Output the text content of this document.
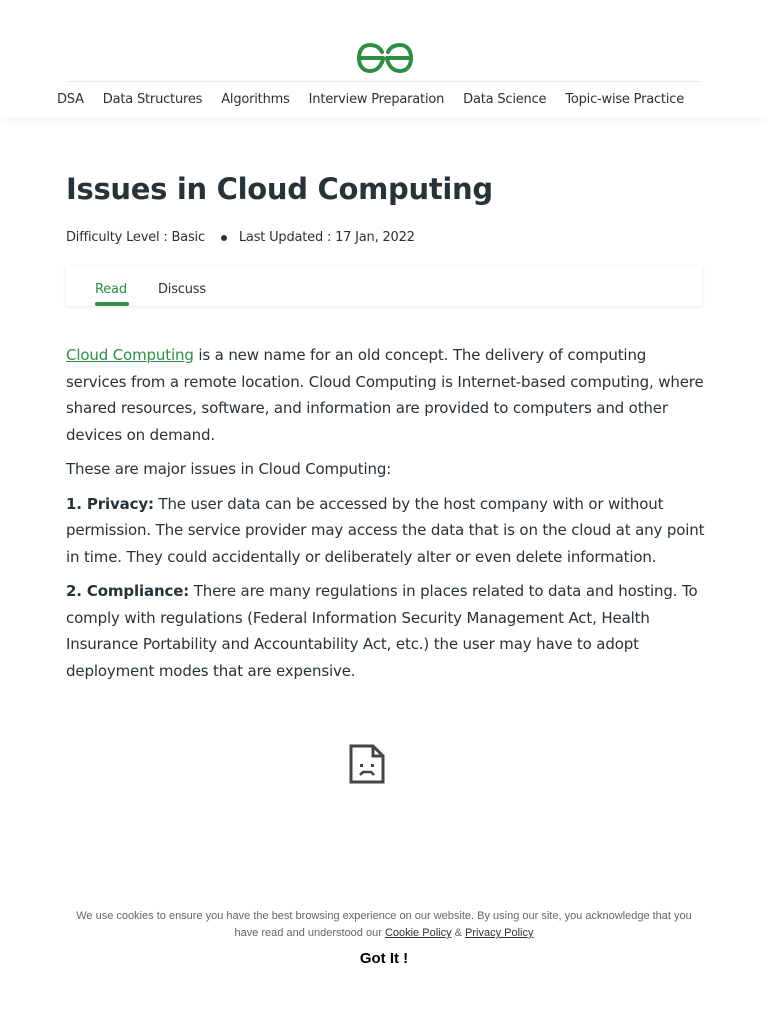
DSA Data Structures Algorithms Interview Preparation Data Science Topic-wise Practice
Issues in Cloud Computing
Difficulty Level : Basic	Last Updated : 17 Jan, 2022
Read Discuss

Cloud Computing is a new name for an old concept. The delivery of computing services from a remote location. Cloud Computing is Internet-based computing, where shared resources, software, and information are provided to computers and other devices on demand.

These are major issues in Cloud Computing:

1. Privacy: The user data can be accessed by the host company with or without permission. The service provider may access the data that is on the cloud at any point in time. They could accidentally or deliberately alter or even delete information.

2. Compliance: There are many regulations in places related to data and hosting. To comply with regulations (Federal Information Security Management Act, Health Insurance Portability and Accountability Act, etc.) the user may have to adopt deployment modes that are expensive.

We use cookies to ensure you have the best browsing experience on our website. By using our site, you acknowledge that you have read and understood our Cookie Policy & Privacy Policy
Got It !
